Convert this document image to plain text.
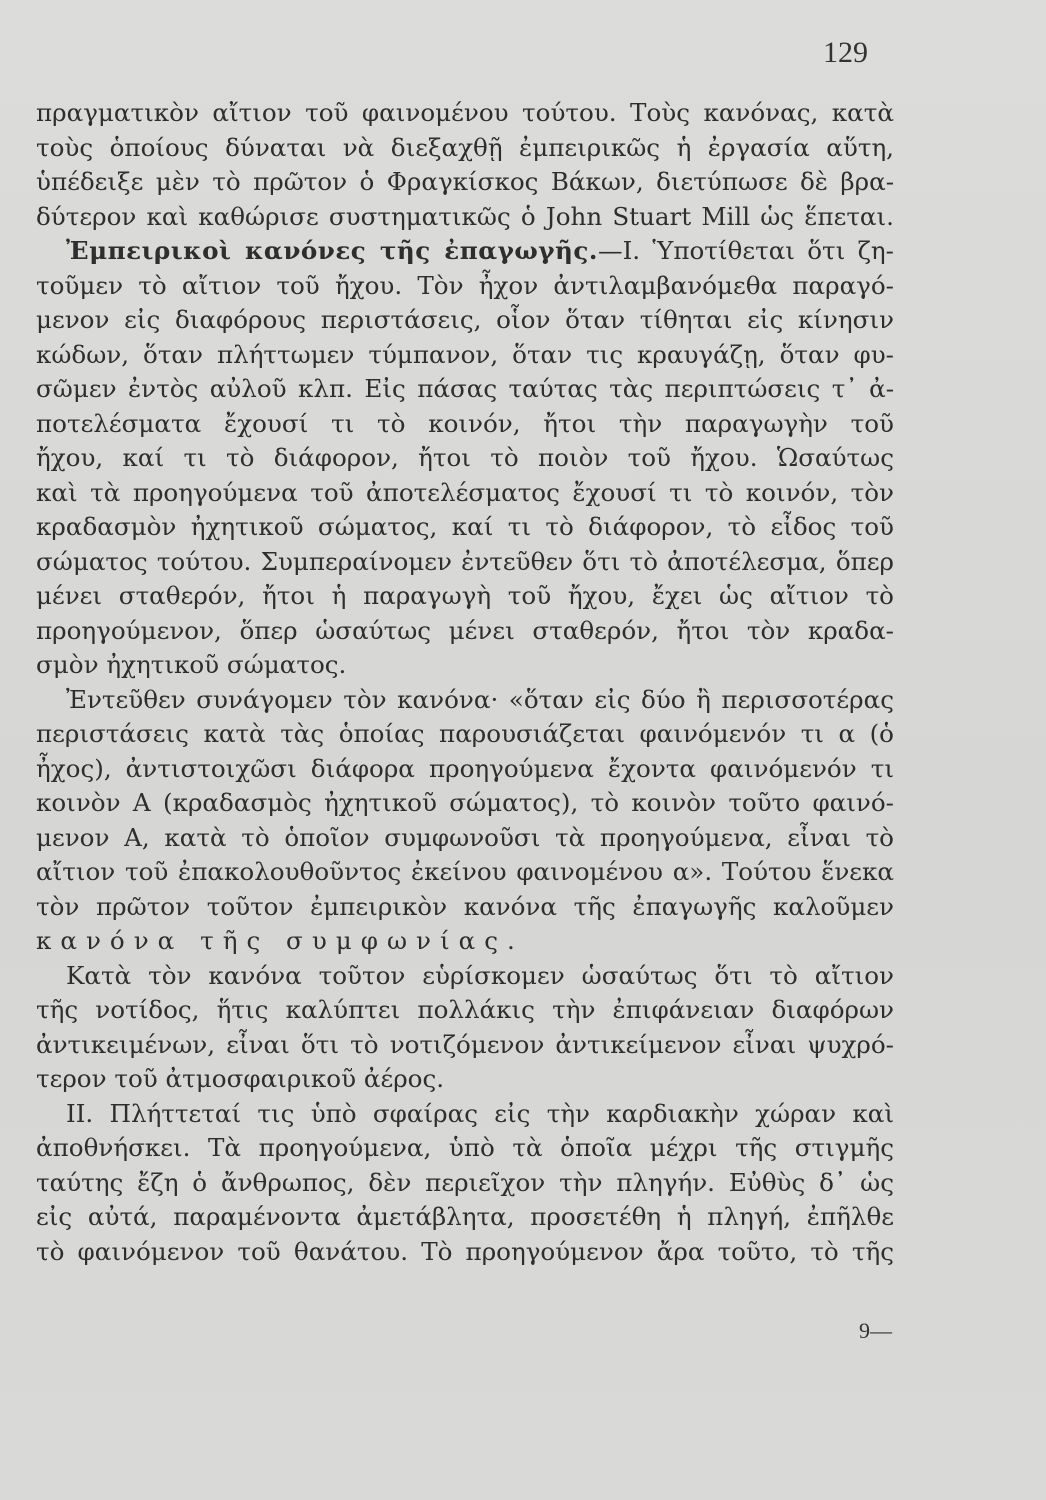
129
πραγματικὸν αἴτιον τοῦ φαινομένου τούτου. Τοὺς κανόνας, κατὰ
τοὺς ὁποίους δύναται νὰ διεξαχθῇ ἐμπειρικῶς ἡ ἐργασία αὕτη,
ὑπέδειξε μὲν τὸ πρῶτον ὁ Φραγκίσκος Βάκων, διετύπωσε δὲ βρα-
δύτερον καὶ καθώρισε συστηματικῶς ὁ John Stuart Mill ὡς ἕπεται.
Ἐμπειρικοὶ κανόνες τῆς ἐπαγωγῆς.—Ι. Ὑποτίθεται ὅτι ζη-
τοῦμεν τὸ αἴτιον τοῦ ἤχου. Τὸν ἦχον ἀντιλαμβανόμεθα παραγό-
μενον εἰς διαφόρους περιστάσεις, οἷον ὅταν τίθηται εἰς κίνησιν
κώδων, ὅταν πλήττωμεν τύμπανον, ὅταν τις κραυγάζῃ, ὅταν φυ-
σῶμεν ἐντὸς αὐλοῦ κλπ. Εἰς πάσας ταύτας τὰς περιπτώσεις τ᾽ ἀ-
ποτελέσματα ἔχουσί τι τὸ κοινόν, ἤτοι τὴν παραγωγὴν τοῦ
ἤχου, καί τι τὸ διάφορον, ἤτοι τὸ ποιὸν τοῦ ἤχου. Ὡσαύτως
καὶ τὰ προηγούμενα τοῦ ἀποτελέσματος ἔχουσί τι τὸ κοινόν, τὸν
κραδασμὸν ἠχητικοῦ σώματος, καί τι τὸ διάφορον, τὸ εἶδος τοῦ
σώματος τούτου. Συμπεραίνομεν ἐντεῦθεν ὅτι τὸ ἀποτέλεσμα, ὅπερ
μένει σταθερόν, ἤτοι ἡ παραγωγὴ τοῦ ἤχου, ἔχει ὡς αἴτιον τὸ
προηγούμενον, ὅπερ ὡσαύτως μένει σταθερόν, ἤτοι τὸν κραδα-
σμὸν ἠχητικοῦ σώματος.
Ἐντεῦθεν συνάγομεν τὸν κανόνα· «ὅταν εἰς δύο ἢ περισσοτέρας
περιστάσεις κατὰ τὰς ὁποίας παρουσιάζεται φαινόμενόν τι α (ὁ
ἦχος), ἀντιστοιχῶσι διάφορα προηγούμενα ἔχοντα φαινόμενόν τι
κοινὸν Α (κραδασμὸς ἠχητικοῦ σώματος), τὸ κοινὸν τοῦτο φαινό-
μενον Α, κατὰ τὸ ὁποῖον συμφωνοῦσι τὰ προηγούμενα, εἶναι τὸ
αἴτιον τοῦ ἐπακολουθοῦντος ἐκείνου φαινομένου α». Τούτου ἕνεκα
τὸν πρῶτον τοῦτον ἐμπειρικὸν κανόνα τῆς ἐπαγωγῆς καλοῦμεν
κανόνα τῆς συμφωνίας.
Κατὰ τὸν κανόνα τοῦτον εὑρίσκομεν ὡσαύτως ὅτι τὸ αἴτιον
τῆς νοτίδος, ἥτις καλύπτει πολλάκις τὴν ἐπιφάνειαν διαφόρων
ἀντικειμένων, εἶναι ὅτι τὸ νοτιζόμενον ἀντικείμενον εἶναι ψυχρό-
τερον τοῦ ἀτμοσφαιρικοῦ ἀέρος.
II. Πλήττεταί τις ὑπὸ σφαίρας εἰς τὴν καρδιακὴν χώραν καὶ
ἀποθνήσκει. Τὰ προηγούμενα, ὑπὸ τὰ ὁποῖα μέχρι τῆς στιγμῆς
ταύτης ἔζη ὁ ἄνθρωπος, δὲν περιεῖχον τὴν πληγήν. Εὐθὺς δ᾽ ὡς
εἰς αὐτά, παραμένοντα ἀμετάβλητα, προσετέθη ἡ πληγή, ἐπῆλθε
τὸ φαινόμενον τοῦ θανάτου. Τὸ προηγούμενον ἄρα τοῦτο, τὸ τῆς
9—
